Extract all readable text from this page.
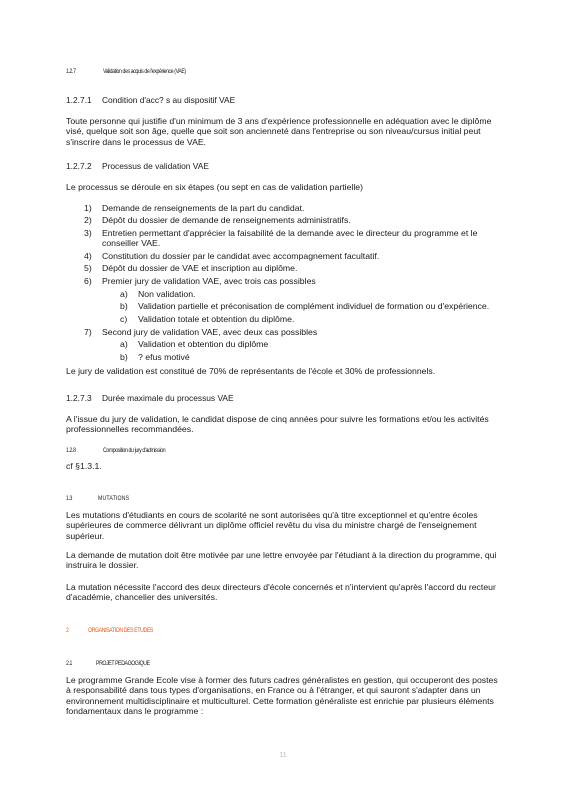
1.2.7	Validation des acquis de l'expérience (VAE)
1.2.7.1 Condition d'acc? s au dispositif VAE
Toute personne qui justifie d'un minimum de 3 ans d'expérience professionnelle en adéquation avec le diplôme
visé, quelque soit son âge, quelle que soit son ancienneté dans l'entreprise ou son niveau/cursus initial peut
s'inscrire dans le processus de VAE.
1.2.7.2 Processus de validation VAE
Le processus se déroule en six étapes (ou sept en cas de validation partielle)
1) Demande de renseignements de la part du candidat.
2) Dépôt du dossier de demande de renseignements administratifs.
3) Entretien permettant d'apprécier la faisabilité de la demande avec le directeur du programme et le
conseiller VAE.
4) Constitution du dossier par le candidat avec accompagnement facultatif.
5) Dépôt du dossier de VAE et inscription au diplôme.
6) Premier jury de validation VAE, avec trois cas possibles
a) Non validation.
b) Validation partielle et préconisation de complément individuel de formation ou d'expérience.
c) Validation totale et obtention du diplôme.
7) Second jury de validation VAE, avec deux cas possibles
a) Validation et obtention du diplôme
b) ? efus motivé
Le jury de validation est constitué de 70% de représentants de l'école et 30% de professionnels.
1.2.7.3 Durée maximale du processus VAE
A l'issue du jury de validation, le candidat dispose de cinq années pour suivre les formations et/ou les activités
professionnelles recommandées.
1.2.8	Composition du jury d'admission
cf §1.3.1.
1.3	MUTATIONS
Les mutations d'étudiants en cours de scolarité ne sont autorisées qu'à titre exceptionnel et qu'entre écoles
supérieures de commerce délivrant un diplôme officiel revêtu du visa du ministre chargé de l'enseignement
supérieur.
La demande de mutation doit être motivée par une lettre envoyée par l'étudiant à la direction du programme, qui
instruira le dossier.
La mutation nécessite l'accord des deux directeurs d'école concernés et n'intervient qu'après l'accord du recteur
d'académie, chancelier des universités.
2	ORGANISATION DES ETUDES
2.1	PROJET PEDAGOGIQUE
Le programme Grande Ecole vise à former des futurs cadres généralistes en gestion, qui occuperont des postes
à responsabilité dans tous types d'organisations, en France ou à l'étranger, et qui sauront s'adapter dans un
environnement multidisciplinaire et multiculturel. Cette formation généraliste est enrichie par plusieurs éléments
fondamentaux dans le programme :
11
